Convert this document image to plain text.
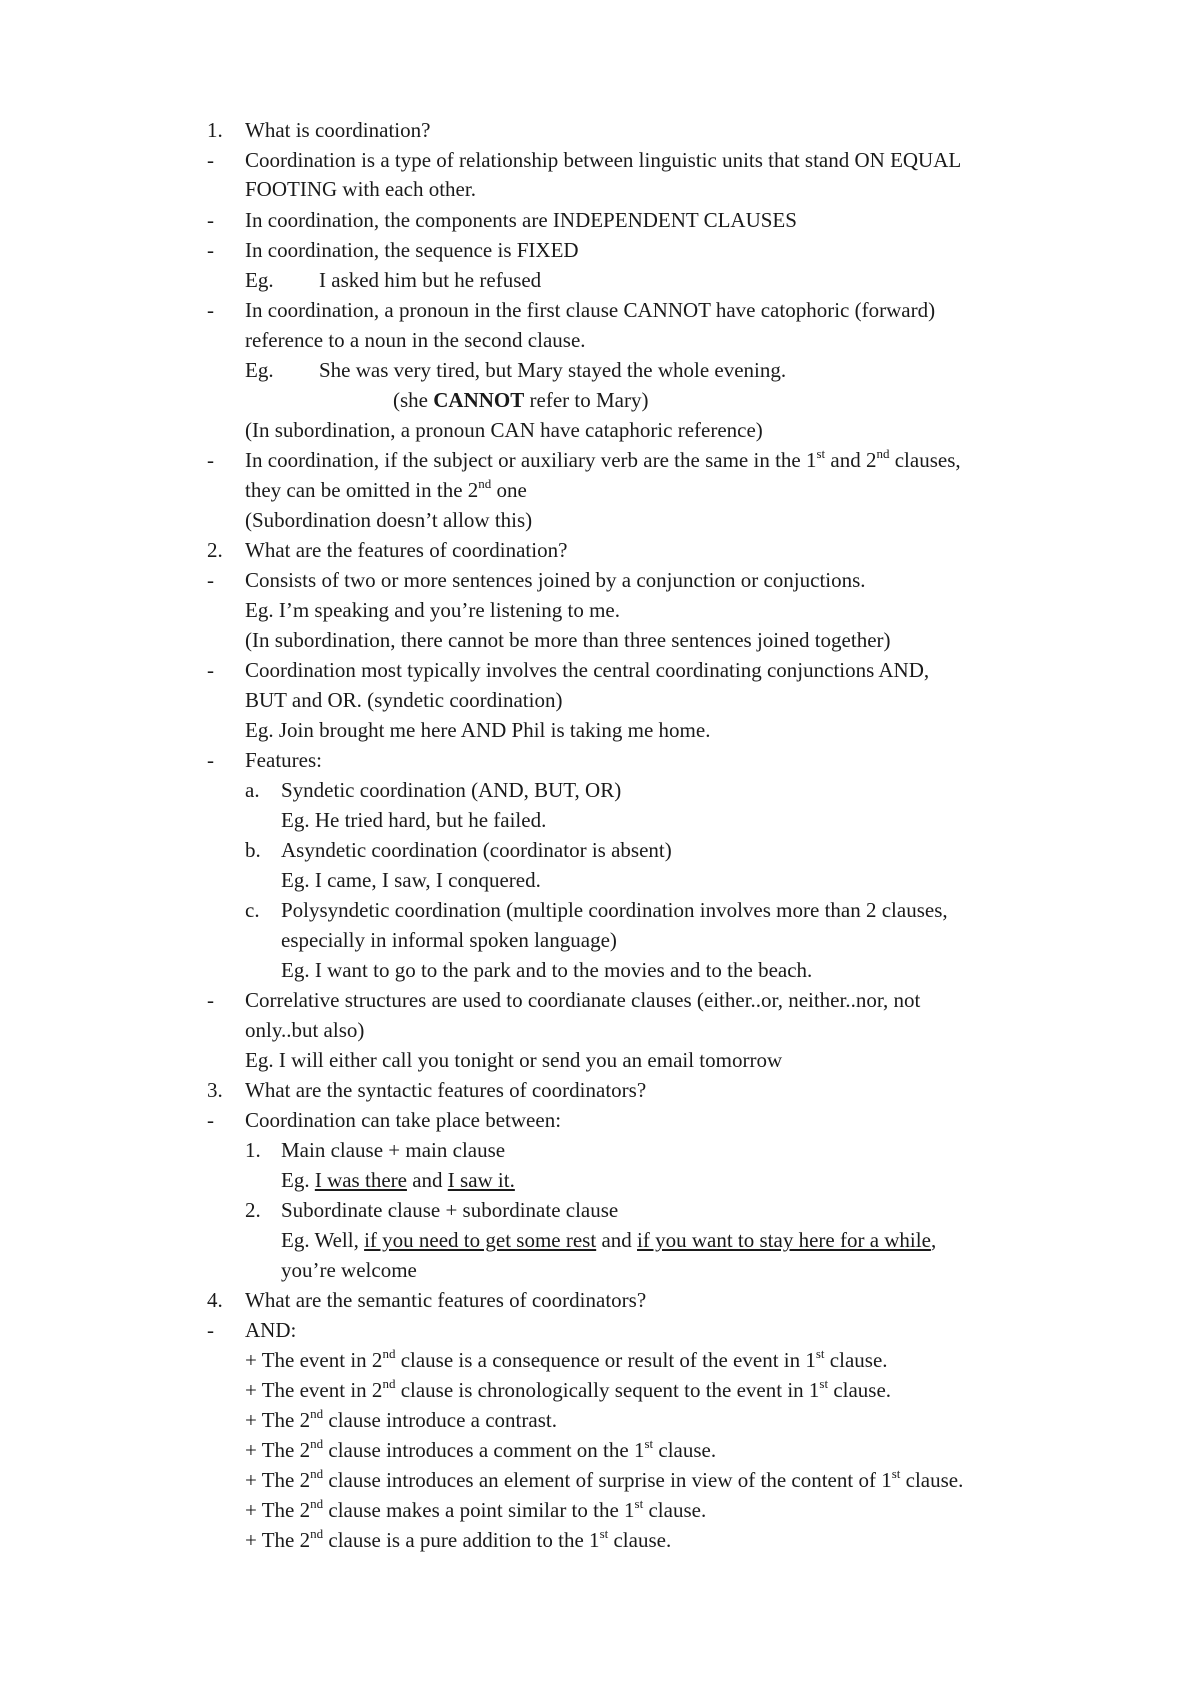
1. What is coordination?
- Coordination is a type of relationship between linguistic units that stand ON EQUAL
FOOTING with each other.
- In coordination, the components are INDEPENDENT CLAUSES
- In coordination, the sequence is FIXED
Eg. I asked him but he refused
- In coordination, a pronoun in the first clause CANNOT have catophoric (forward)
reference to a noun in the second clause.
Eg. She was very tired, but Mary stayed the whole evening.
(she CANNOT refer to Mary)
(In subordination, a pronoun CAN have cataphoric reference)
- In coordination, if the subject or auxiliary verb are the same in the 1st and 2nd clauses,
they can be omitted in the 2nd one
(Subordination doesn’t allow this)
2. What are the features of coordination?
- Consists of two or more sentences joined by a conjunction or conjuctions.
Eg. I’m speaking and you’re listening to me.
(In subordination, there cannot be more than three sentences joined together)
- Coordination most typically involves the central coordinating conjunctions AND,
BUT and OR. (syndetic coordination)
Eg. Join brought me here AND Phil is taking me home.
- Features:
a. Syndetic coordination (AND, BUT, OR)
Eg. He tried hard, but he failed.
b. Asyndetic coordination (coordinator is absent)
Eg. I came, I saw, I conquered.
c. Polysyndetic coordination (multiple coordination involves more than 2 clauses,
especially in informal spoken language)
Eg. I want to go to the park and to the movies and to the beach.
- Correlative structures are used to coordianate clauses (either..or, neither..nor, not
only..but also)
Eg. I will either call you tonight or send you an email tomorrow
3. What are the syntactic features of coordinators?
- Coordination can take place between:
1. Main clause + main clause
Eg. I was there and I saw it.
2. Subordinate clause + subordinate clause
Eg. Well, if you need to get some rest and if you want to stay here for a while,
you’re welcome
4. What are the semantic features of coordinators?
- AND:
+ The event in 2nd clause is a consequence or result of the event in 1st clause.
+ The event in 2nd clause is chronologically sequent to the event in 1st clause.
+ The 2nd clause introduce a contrast.
+ The 2nd clause introduces a comment on the 1st clause.
+ The 2nd clause introduces an element of surprise in view of the content of 1st clause.
+ The 2nd clause makes a point similar to the 1st clause.
+ The 2nd clause is a pure addition to the 1st clause.
